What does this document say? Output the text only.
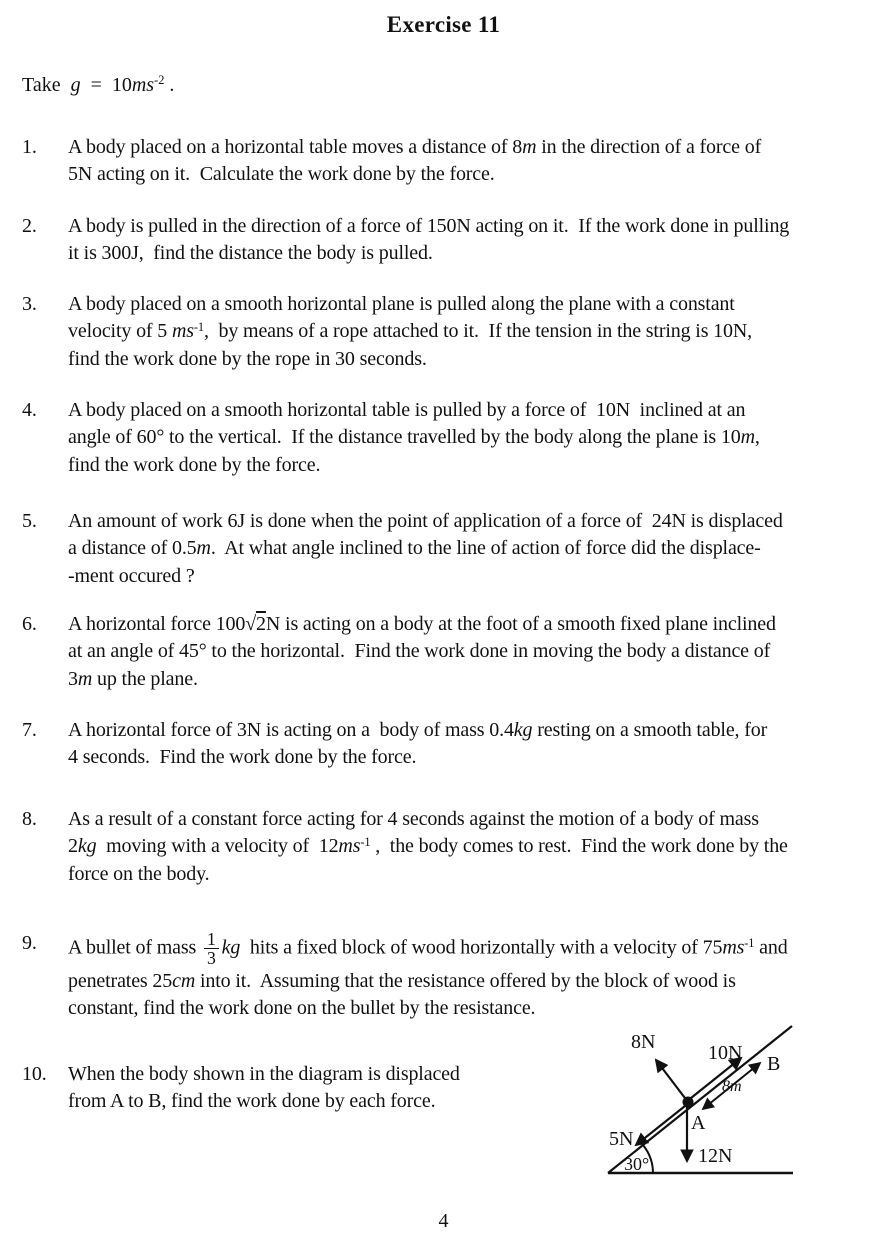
Exercise 11
Take  g  =  10ms-2 .
1.	A body placed on a horizontal table moves a distance of 8m in the direction of a force of
5N acting on it.  Calculate the work done by the force.
2.	A body is pulled in the direction of a force of 150N acting on it.  If the work done in pulling
it is 300J,  find the distance the body is pulled.
3.	A body placed on a smooth horizontal plane is pulled along the plane with a constant
velocity of 5 ms-1,  by means of a rope attached to it.  If the tension in the string is 10N,
find the work done by the rope in 30 seconds.
4.	A body placed on a smooth horizontal table is pulled by a force of  10N  inclined at an
angle of 60° to the vertical.  If the distance travelled by the body along the plane is 10m,
find the work done by the force.
5.	An amount of work 6J is done when the point of application of a force of  24N is displaced
a distance of 0.5m.  At what angle inclined to the line of action of force did the displace-
-ment occured ?
6.	A horizontal force 100√2N is acting on a body at the foot of a smooth fixed plane inclined
at an angle of 45° to the horizontal.  Find the work done in moving the body a distance of
3m up the plane.
7.	A horizontal force of 3N is acting on a  body of mass 0.4kg resting on a smooth table, for
4 seconds.  Find the work done by the force.
8.	As a result of a constant force acting for 4 seconds against the motion of a body of mass
2kg  moving with a velocity of  12ms-1 ,  the body comes to rest.  Find the work done by the
force on the body.
9.	A bullet of mass $\frac{1}{3}$ kg  hits a fixed block of wood horizontally with a velocity of 75ms-1 and
penetrates 25cm into it.  Assuming that the resistance offered by the block of wood is
constant, find the work done on the bullet by the resistance.
10.	When the body shown in the diagram is displaced
from A to B, find the work done by each force.
8N	10N B
8m
A
5N
12N
30°
4
